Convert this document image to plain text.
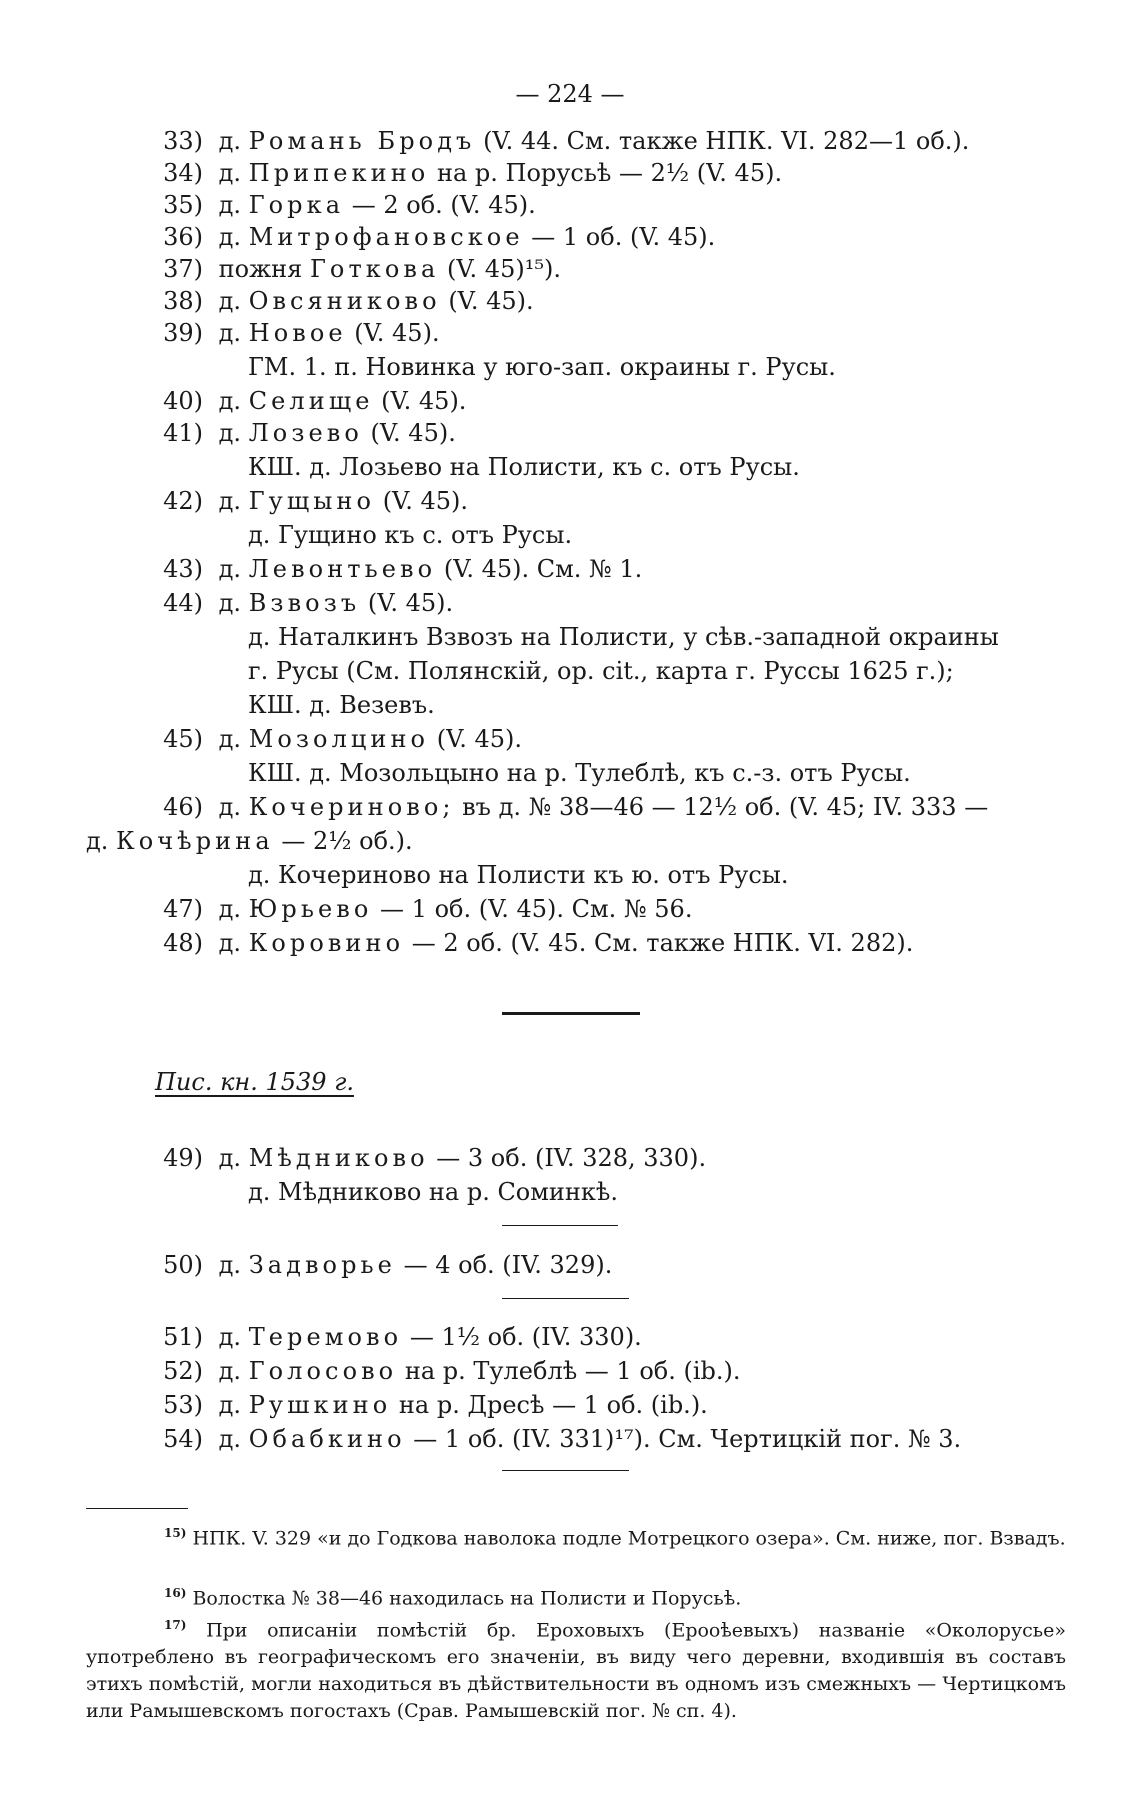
— 224 —
33) д. Романь Бродъ (V. 44. См. также НПК. VI. 282—1 об.).
34) д. Припекино на р. Порусьѣ — 2½ (V. 45).
35) д. Горка — 2 об. (V. 45).
36) д. Митрофановское — 1 об. (V. 45).
37) пожня Готкова (V. 45)¹⁵).
38) д. Овсяниково (V. 45).
39) д. Новое (V. 45).
ГМ. 1. п. Новинка у юго-зап. окраины г. Русы.
40) д. Селище (V. 45).
41) д. Лозево (V. 45).
КШ. д. Лозьево на Полисти, къ с. отъ Русы.
42) д. Гущыно (V. 45).
д. Гущино къ с. отъ Русы.
43) д. Левонтьево (V. 45). См. № 1.
44) д. Взвозъ (V. 45).
д. Наталкинъ Взвозъ на Полисти, у сѣв.-западной окраины
г. Русы (См. Полянскій, op. cit., карта г. Руссы 1625 г.);
КШ. д. Везевъ.
45) д. Мозолцино (V. 45).
КШ. д. Мозольцыно на р. Тулеблѣ, къ с.-з. отъ Русы.
46) д. Кочеринoво; въ д. № 38—46 — 12½ об. (V. 45; IV. 333 —
д. Кочѣрина — 2½ об.).
д. Кочериново на Полисти къ ю. отъ Русы.
47) д. Юрьево — 1 об. (V. 45). См. № 56.
48) д. Коровино — 2 об. (V. 45. См. также НПК. VI. 282).
Пис. кн. 1539 г.
49) д. Мѣдниково — 3 об. (IV. 328, 330).
д. Мѣдниково на р. Соминкѣ.
50) д. Задворье — 4 об. (IV. 329).
51) д. Теремово — 1½ об. (IV. 330).
52) д. Голосово на р. Тулеблѣ — 1 об. (ib.).
53) д. Рушкино на р. Дресѣ — 1 об. (ib.).
54) д. Обабкино — 1 об. (IV. 331)¹⁷). См. Чертицкій пог. № 3.
$^{15)}$ НПК. V. 329 «и до Годкова наволока подле Мотрецкого озера». См. ниже, пог. Взвадъ.
$^{16)}$ Волостка № 38—46 находилась на Полисти и Порусьѣ.
$^{17)}$ При описаніи помѣстій бр. Ероховыхъ (Ерооѣевыхъ) названіе «Околорусье» употреблено въ географическомъ его значеніи, въ виду чего деревни, входившія въ составъ этихъ помѣстій, могли находиться въ дѣйствительности въ одномъ изъ смежныхъ — Чертицкомъ или Рамышевскомъ погостахъ (Срав. Рамышевскій пог. № сп. 4).
